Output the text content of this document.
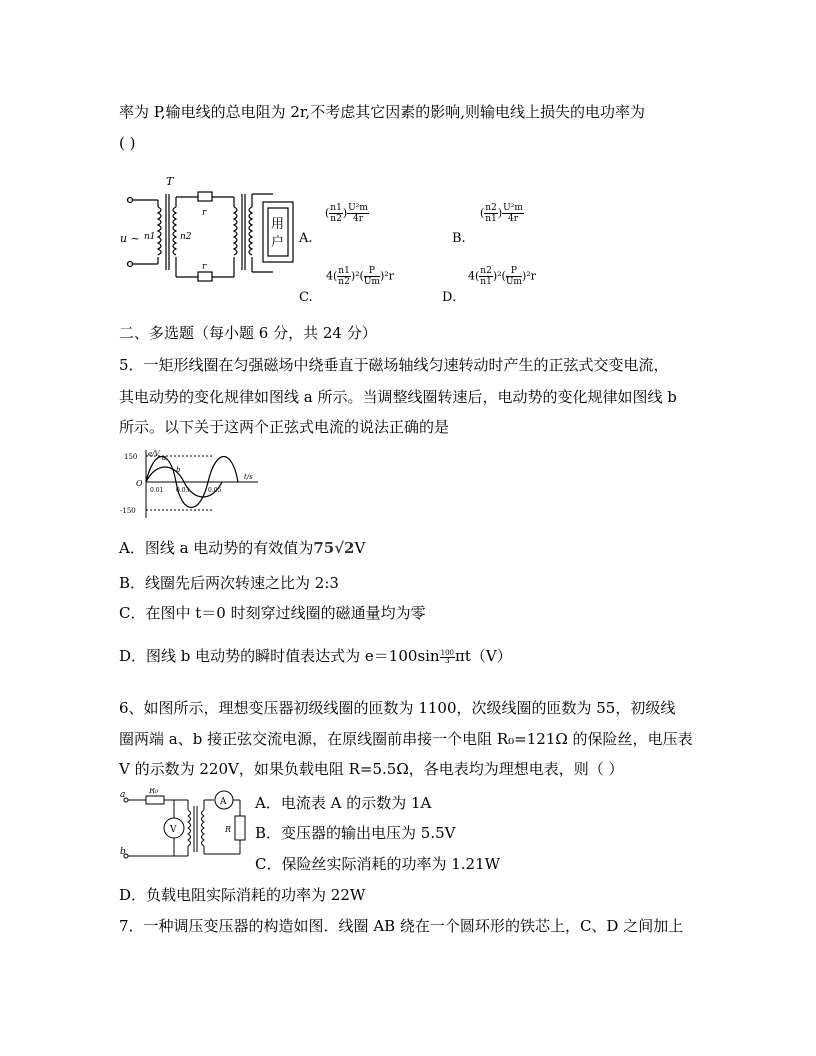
率为 P,输电线的总电阻为 2r,不考虑其它因素的影响,则输电线上损失的电功率为
( )
u ~
T
n1	n2
r
r
用
户 A.
( $\frac{n1}{n2}$ ) $\frac{\text{U²m}}{4r}$
B.
( $\frac{n2}{n1}$ ) $\frac{\text{U²m}}{4r}$
C.
$4( \frac{n1}{n2} )^2( \frac{P}{Um} )^2r$
D.
$4( \frac{n2}{n1} )^2( \frac{P}{Um} )^2r$
二、多选题（每小题 6 分，共 24 分）
5．一矩形线圈在匀强磁场中绕垂直于磁场轴线匀速转动时产生的正弦式交变电流，
其电动势的变化规律如图线 a 所示。当调整线圈转速后，电动势的变化规律如图线 b
所示。以下关于这两个正弦式电流的说法正确的是
e/V
t/s
150
-150
O
0.01 0.03	0.05
a
b
A．图线 a 电动势的有效值为75√2V
B．线圈先后两次转速之比为 2:3
C．在图中 t＝0 时刻穿过线圈的磁通量均为零
D．图线 b 电动势的瞬时值表达式为 $e=100\sin \frac{100}{3} \pi t(V)$
6、如图所示，理想变压器初级线圈的匝数为 1100，次级线圈的匝数为 55，初级线
圈两端 a、b 接正弦交流电源，在原线圈前串接一个电阻 R₀=121Ω 的保险丝，电压表
V 的示数为 220V，如果负载电阻 R=5.5Ω，各电表均为理想电表，则（ ）
a
b
R₀
V
A
R
A．电流表 A 的示数为 1A
B．变压器的输出电压为 5.5V
C．保险丝实际消耗的功率为 1.21W
D．负载电阻实际消耗的功率为 22W
7．一种调压变压器的构造如图．线圈 AB 绕在一个圆环形的铁芯上，C、D 之间加上
